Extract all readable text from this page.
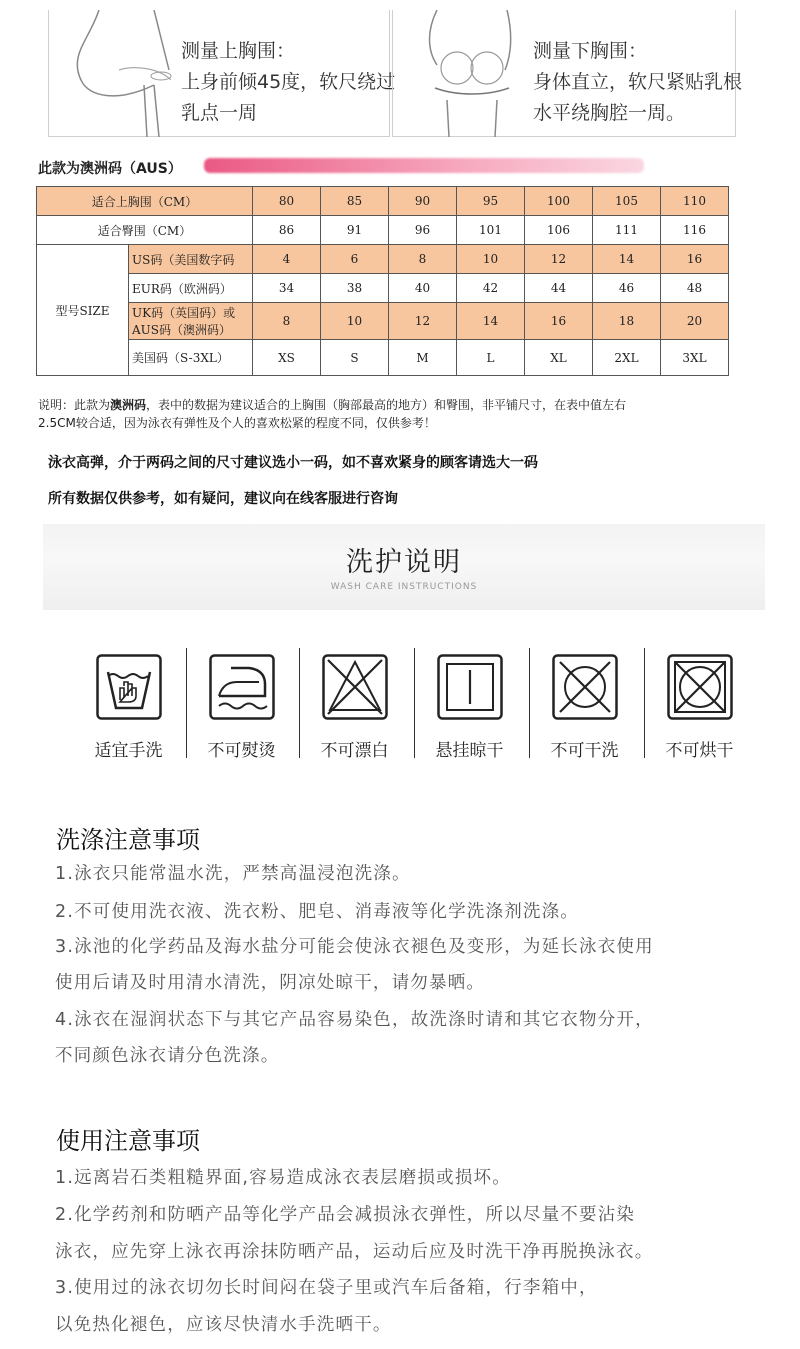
测量上胸围：
上身前倾45度，软尺绕过
乳点一周
测量下胸围：
身体直立，软尺紧贴乳根
水平绕胸腔一周。
此款为澳洲码（AUS）
适合上胸围（CM）		80	85	90	95	100	105	110
适合臀围（CM）		86	91	96	101	106	111	116
型号SIZE	US码（美国数字码	4	6	8	10	12	14	16
	EUR码（欧洲码）	34	38	40	42	44	46	48

	UK码（英国码）或
AUS码（澳洲码）	8	10	12	14	16	18	20
	美国码（S-3XL）	XS	S	M	L	XL	2XL	3XL
说明：此款为澳洲码，表中的数据为建议适合的上胸围（胸部最高的地方）和臀围，非平铺尺寸，在表中值左右
2.5CM较合适，因为泳衣有弹性及个人的喜欢松紧的程度不同，仅供参考！
泳衣高弹，介于两码之间的尺寸建议选小一码，如不喜欢紧身的顾客请选大一码
所有数据仅供参考，如有疑问，建议向在线客服进行咨询
洗护说明
WASH CARE INSTRUCTIONS
适宜手洗	不可熨烫	不可漂白	悬挂晾干	不可干洗	不可烘干
洗涤注意事项
1.泳衣只能常温水洗，严禁高温浸泡洗涤。
2.不可使用洗衣液、洗衣粉、肥皂、消毒液等化学洗涤剂洗涤。
3.泳池的化学药品及海水盐分可能会使泳衣褪色及变形，为延长泳衣使用
使用后请及时用清水清洗，阴凉处晾干，请勿暴晒。
4.泳衣在湿润状态下与其它产品容易染色，故洗涤时请和其它衣物分开，
不同颜色泳衣请分色洗涤。
使用注意事项
1.远离岩石类粗糙界面,容易造成泳衣表层磨损或损坏。
2.化学药剂和防晒产品等化学产品会减损泳衣弹性，所以尽量不要沾染
泳衣，应先穿上泳衣再涂抹防晒产品，运动后应及时洗干净再脱换泳衣。
3.使用过的泳衣切勿长时间闷在袋子里或汽车后备箱，行李箱中，
以免热化褪色，应该尽快清水手洗晒干。
